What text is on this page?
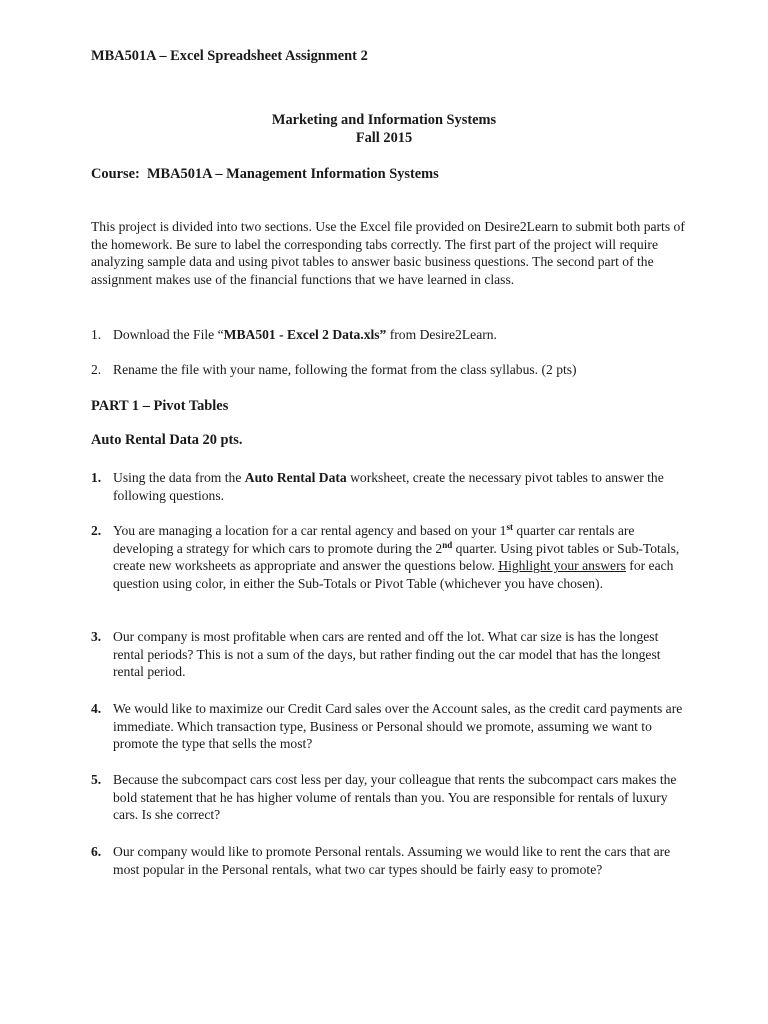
MBA501A – Excel Spreadsheet Assignment 2
Marketing and Information Systems
Fall 2015
Course: MBA501A – Management Information Systems
This project is divided into two sections. Use the Excel file provided on Desire2Learn to submit both parts of the homework. Be sure to label the corresponding tabs correctly. The first part of the project will require analyzing sample data and using pivot tables to answer basic business questions. The second part of the assignment makes use of the financial functions that we have learned in class.
1. Download the File “MBA501 - Excel 2 Data.xls” from Desire2Learn.
2. Rename the file with your name, following the format from the class syllabus. (2 pts)
PART 1 – Pivot Tables
Auto Rental Data 20 pts.
1. Using the data from the Auto Rental Data worksheet, create the necessary pivot tables to answer the following questions.
2. You are managing a location for a car rental agency and based on your 1st quarter car rentals are developing a strategy for which cars to promote during the 2nd quarter. Using pivot tables or Sub-Totals, create new worksheets as appropriate and answer the questions below. Highlight your answers for each question using color, in either the Sub-Totals or Pivot Table (whichever you have chosen).
3. Our company is most profitable when cars are rented and off the lot. What car size is has the longest rental periods? This is not a sum of the days, but rather finding out the car model that has the longest rental period.
4. We would like to maximize our Credit Card sales over the Account sales, as the credit card payments are immediate. Which transaction type, Business or Personal should we promote, assuming we want to promote the type that sells the most?
5. Because the subcompact cars cost less per day, your colleague that rents the subcompact cars makes the bold statement that he has higher volume of rentals than you. You are responsible for rentals of luxury cars. Is she correct?
6. Our company would like to promote Personal rentals. Assuming we would like to rent the cars that are most popular in the Personal rentals, what two car types should be fairly easy to promote?
